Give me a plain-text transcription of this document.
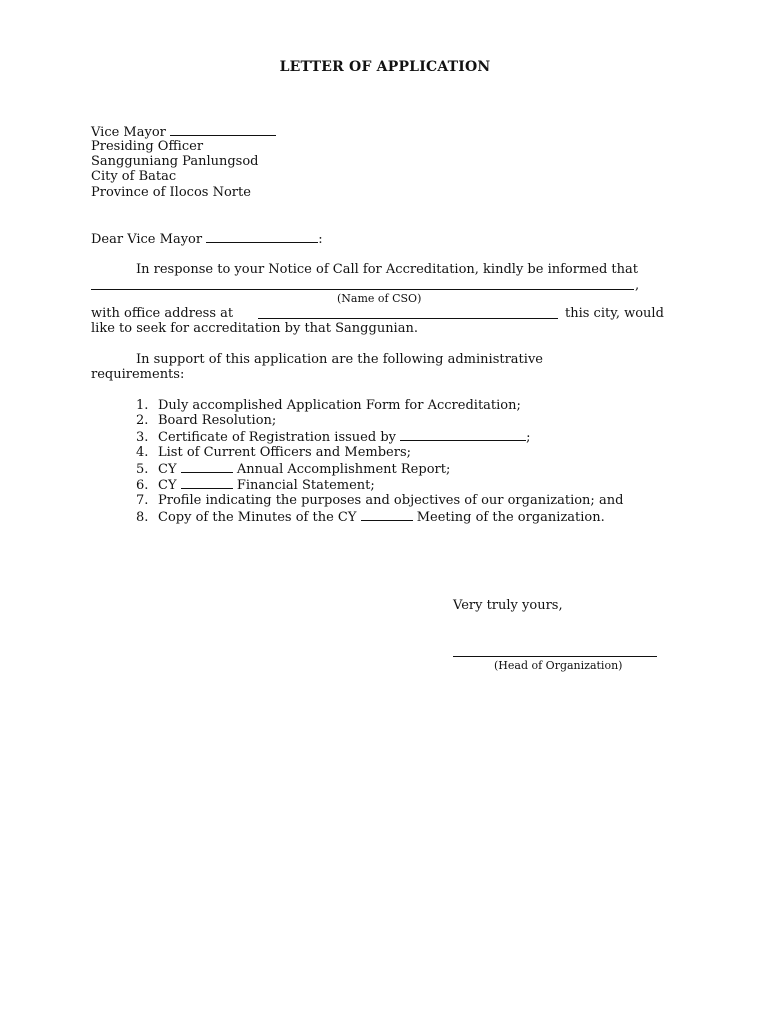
LETTER OF APPLICATION
Vice Mayor
Presiding Officer
Sangguniang Panlungsod
City of Batac
Province of Ilocos Norte
Dear Vice Mayor	:
In response to your Notice of Call for Accreditation, kindly be informed that
,
(Name of CSO)
with office address at	this city, would
like to seek for accreditation by that Sanggunian.
In support of this application are the following administrative
requirements:
1. Duly accomplished Application Form for Accreditation;
2. Board Resolution;
3. Certificate of Registration issued by	;
4. List of Current Officers and Members;
5. CY	Annual Accomplishment Report;
6. CY	Financial Statement;
7. Profile indicating the purposes and objectives of our organization; and
8. Copy of the Minutes of the CY	Meeting of the organization.
Very truly yours,
(Head of Organization)
